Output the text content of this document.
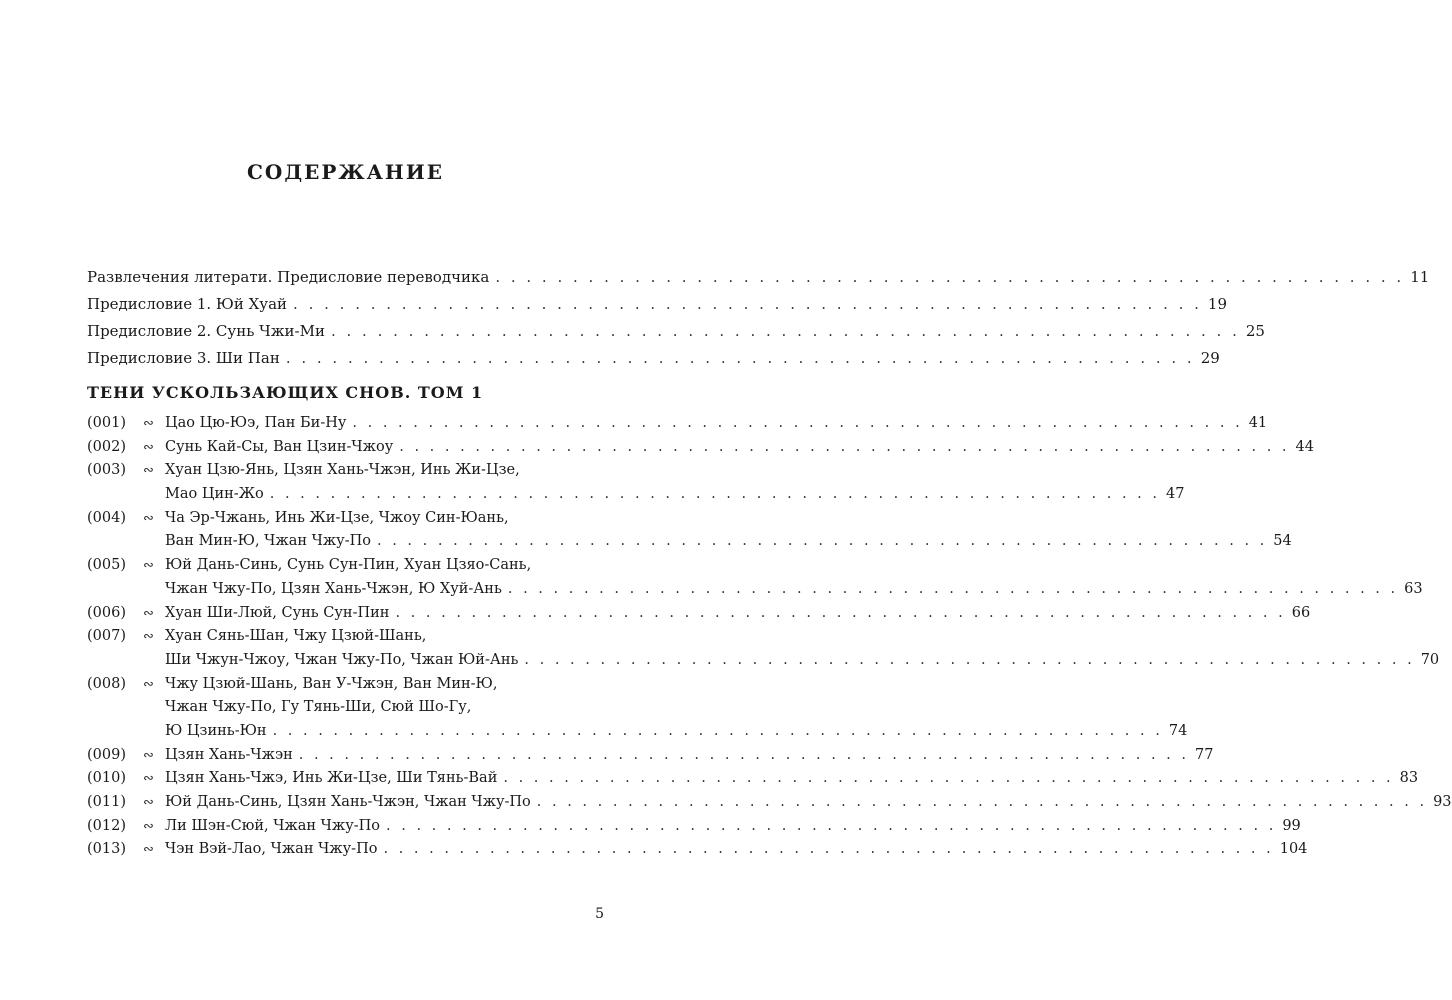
СОДЕРЖАНИЕ
Развлечения литерати. Предисловие переводчика . . . . . . . . . . . . . . . . . . . . . . . . . . . . . . . . . . . . . . . . . . . . . . . . . . . . . . . . . . . 11
Предисловие 1. Юй Хуай . . . . . . . . . . . . . . . . . . . . . . . . . . . . . . . . . . . . . . . . . . . . . . . . . . . . . . . . . . . 19
Предисловие 2. Сунь Чжи-Ми . . . . . . . . . . . . . . . . . . . . . . . . . . . . . . . . . . . . . . . . . . . . . . . . . . . . . . . . . . . 25
Предисловие 3. Ши Пан . . . . . . . . . . . . . . . . . . . . . . . . . . . . . . . . . . . . . . . . . . . . . . . . . . . . . . . . . . . 29
ТЕНИ УСКОЛЬЗАЮЩИХ СНОВ. ТОМ 1
(001)	∾ Цао Цю-Юэ, Пан Би-Ну . . . . . . . . . . . . . . . . . . . . . . . . . . . . . . . . . . . . . . . . . . . . . . . . . . . . . . . . . . . 41
(002)	∾ Сунь Кай-Сы, Ван Цзин-Чжоу . . . . . . . . . . . . . . . . . . . . . . . . . . . . . . . . . . . . . . . . . . . . . . . . . . . . . . . . . . . 44
(003)	∾ Хуан Цзю-Янь, Цзян Хань-Чжэн, Инь Жи-Цзе,
Мао Цин-Жо . . . . . . . . . . . . . . . . . . . . . . . . . . . . . . . . . . . . . . . . . . . . . . . . . . . . . . . . . . . 47
(004)	∾ Ча Эр-Чжань, Инь Жи-Цзе, Чжоу Син-Юань,
Ван Мин-Ю, Чжан Чжу-По . . . . . . . . . . . . . . . . . . . . . . . . . . . . . . . . . . . . . . . . . . . . . . . . . . . . . . . . . . . 54
(005)	∾ Юй Дань-Синь, Сунь Сун-Пин, Хуан Цзяо-Сань,
Чжан Чжу-По, Цзян Хань-Чжэн, Ю Хуй-Ань . . . . . . . . . . . . . . . . . . . . . . . . . . . . . . . . . . . . . . . . . . . . . . . . . . . . . . . . . . . 63
(006)	∾ Хуан Ши-Люй, Сунь Сун-Пин . . . . . . . . . . . . . . . . . . . . . . . . . . . . . . . . . . . . . . . . . . . . . . . . . . . . . . . . . . . 66
(007)	∾ Хуан Сянь-Шан, Чжу Цзюй-Шань,
Ши Чжун-Чжоу, Чжан Чжу-По, Чжан Юй-Ань . . . . . . . . . . . . . . . . . . . . . . . . . . . . . . . . . . . . . . . . . . . . . . . . . . . . . . . . . . . 70
(008)	∾ Чжу Цзюй-Шань, Ван У-Чжэн, Ван Мин-Ю,
Чжан Чжу-По, Гу Тянь-Ши, Сюй Шо-Гу,
Ю Цзинь-Юн . . . . . . . . . . . . . . . . . . . . . . . . . . . . . . . . . . . . . . . . . . . . . . . . . . . . . . . . . . . 74
(009)	∾ Цзян Хань-Чжэн . . . . . . . . . . . . . . . . . . . . . . . . . . . . . . . . . . . . . . . . . . . . . . . . . . . . . . . . . . . 77
(010)	∾ Цзян Хань-Чжэ, Инь Жи-Цзе, Ши Тянь-Вай . . . . . . . . . . . . . . . . . . . . . . . . . . . . . . . . . . . . . . . . . . . . . . . . . . . . . . . . . . . 83
(011)	∾ Юй Дань-Синь, Цзян Хань-Чжэн, Чжан Чжу-По . . . . . . . . . . . . . . . . . . . . . . . . . . . . . . . . . . . . . . . . . . . . . . . . . . . . . . . . . . . 93
(012)	∾ Ли Шэн-Сюй, Чжан Чжу-По . . . . . . . . . . . . . . . . . . . . . . . . . . . . . . . . . . . . . . . . . . . . . . . . . . . . . . . . . . . 99
(013)	∾ Чэн Вэй-Лао, Чжан Чжу-По . . . . . . . . . . . . . . . . . . . . . . . . . . . . . . . . . . . . . . . . . . . . . . . . . . . . . . . . . . . 104
5
